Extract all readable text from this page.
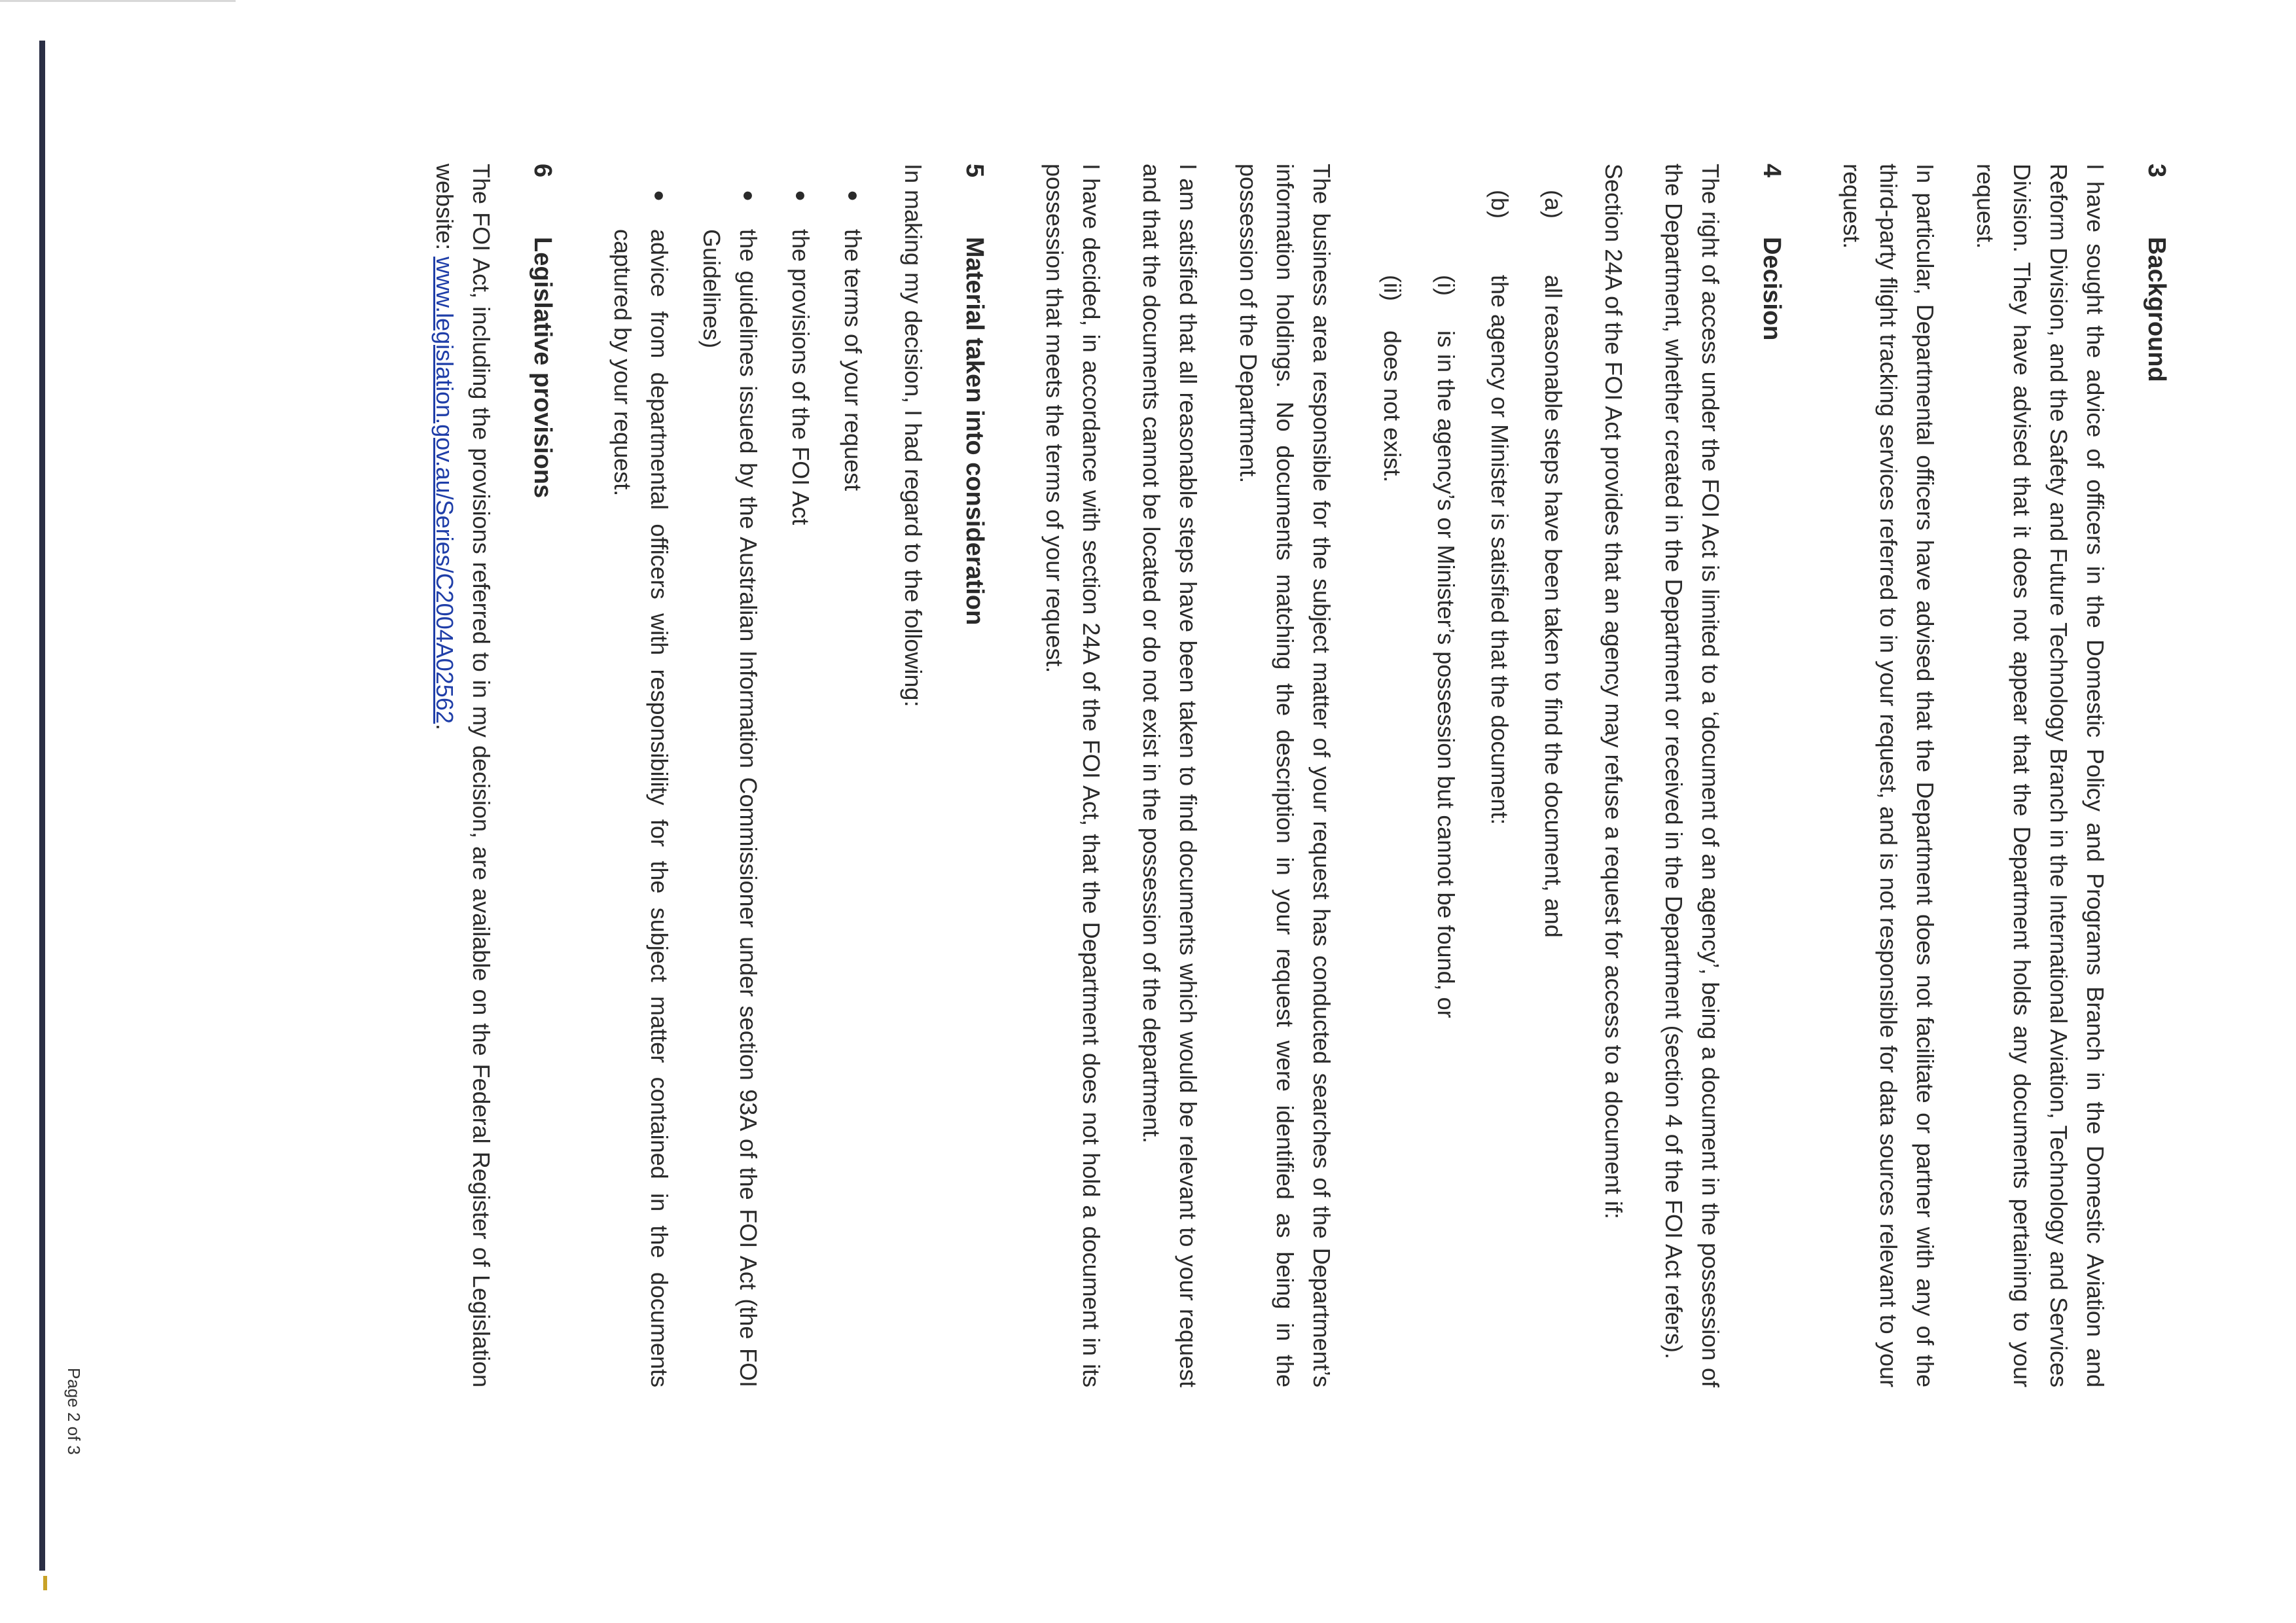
3
Background

I have sought the advice of officers in the Domestic Policy and Programs Branch in the Domestic Aviation and Reform Division, and the Safety and Future Technology Branch in the International Aviation, Technology and Services Division. They have advised that it does not appear that the Department holds any documents pertaining to your request.

In particular, Departmental officers have advised that the Department does not facilitate or partner with any of the third-party flight tracking services referred to in your request, and is not responsible for data sources relevant to your request.

4
Decision

The right of access under the FOI Act is limited to a ‘document of an agency’, being a document in the possession of the Department, whether created in the Department or received in the Department (section 4 of the FOI Act refers).

Section 24A of the FOI Act provides that an agency may refuse a request for access to a document if:

(a)
all reasonable steps have been taken to find the document, and
(b)
the agency or Minister is satisfied that the document:
(i)
is in the agency’s or Minister’s possession but cannot be found, or
(ii)
does not exist.

The business area responsible for the subject matter of your request has conducted searches of the Department’s information holdings. No documents matching the description in your request were identified as being in the possession of the Department.

I am satisfied that all reasonable steps have been taken to find documents which would be relevant to your request and that the documents cannot be located or do not exist in the possession of the department.

I have decided, in accordance with section 24A of the FOI Act, that the Department does not hold a document in its possession that meets the terms of your request.

5
Material taken into consideration

In making my decision, I had regard to the following:

●
the terms of your request
●
the provisions of the FOI Act
●
the guidelines issued by the Australian Information Commissioner under section 93A of the FOI Act (the FOI Guidelines)
●
advice from departmental officers with responsibility for the subject matter contained in the documents captured by your request.
6
Legislative provisions

The FOI Act, including the provisions referred to in my decision, are available on the Federal Register of Legislation website: www.legislation.gov.au/Series/C2004A02562.

Page 2 of 3
